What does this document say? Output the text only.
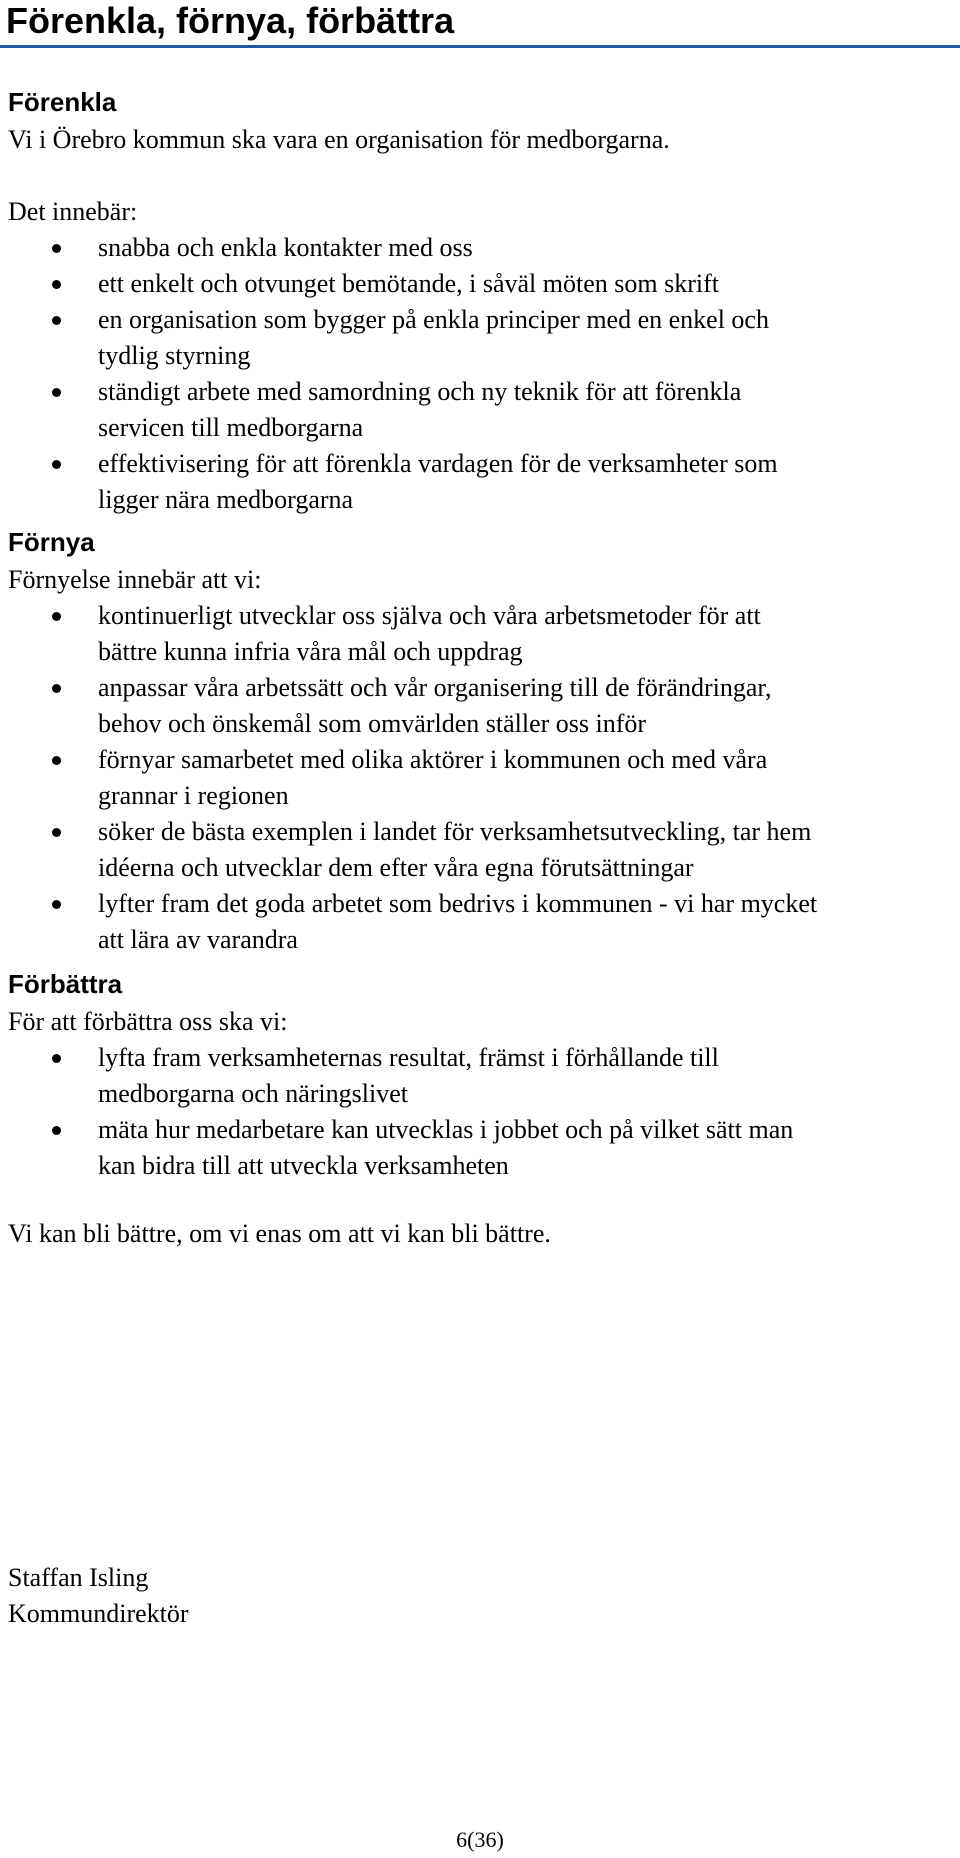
Förenkla, förnya, förbättra
Förenkla

Vi i Örebro kommun ska vara en organisation för medborgarna.

Det innebär:

snabba och enkla kontakter med oss
ett enkelt och otvunget bemötande, i såväl möten som skrift
en organisation som bygger på enkla principer med en enkel och
tydlig styrning
ständigt arbete med samordning och ny teknik för att förenkla
servicen till medborgarna
effektivisering för att förenkla vardagen för de verksamheter som
ligger nära medborgarna
Förnya

Förnyelse innebär att vi:

kontinuerligt utvecklar oss själva och våra arbetsmetoder för att
bättre kunna infria våra mål och uppdrag
anpassar våra arbetssätt och vår organisering till de förändringar,
behov och önskemål som omvärlden ställer oss inför
förnyar samarbetet med olika aktörer i kommunen och med våra
grannar i regionen
söker de bästa exemplen i landet för verksamhetsutveckling, tar hem
idéerna och utvecklar dem efter våra egna förutsättningar
lyfter fram det goda arbetet som bedrivs i kommunen - vi har mycket
att lära av varandra
Förbättra

För att förbättra oss ska vi:

lyfta fram verksamheternas resultat, främst i förhållande till
medborgarna och näringslivet
mäta hur medarbetare kan utvecklas i jobbet och på vilket sätt man
kan bidra till att utveckla verksamheten

Vi kan bli bättre, om vi enas om att vi kan bli bättre.

Staffan Isling

Kommundirektör

6(36)
